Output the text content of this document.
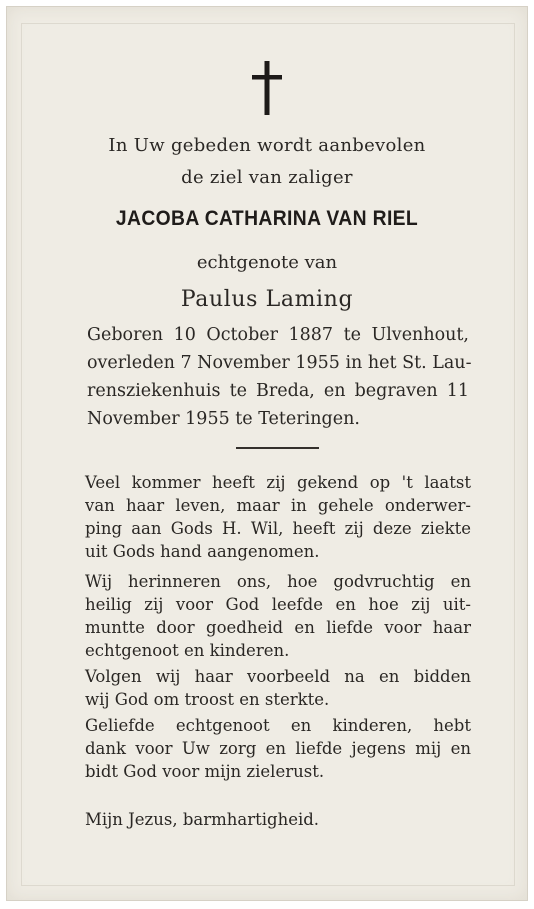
In Uw gebeden wordt aanbevolen
de ziel van zaliger
JACOBA CATHARINA VAN RIEL
echtgenote van
Paulus Laming
Geboren 10 October 1887 te Ulvenhout,
overleden 7 November 1955 in het St. Lau-
rensziekenhuis te Breda, en begraven 11
November 1955 te Teteringen.
Veel kommer heeft zij gekend op 't laatst
van haar leven, maar in gehele onderwer-
ping aan Gods H. Wil, heeft zij deze ziekte
uit Gods hand aangenomen.
Wij herinneren ons, hoe godvruchtig en
heilig zij voor God leefde en hoe zij uit-
muntte door goedheid en liefde voor haar
echtgenoot en kinderen.
Volgen wij haar voorbeeld na en bidden
wij God om troost en sterkte.
Geliefde echtgenoot en kinderen, hebt
dank voor Uw zorg en liefde jegens mij en
bidt God voor mijn zielerust.
Mijn Jezus, barmhartigheid.
